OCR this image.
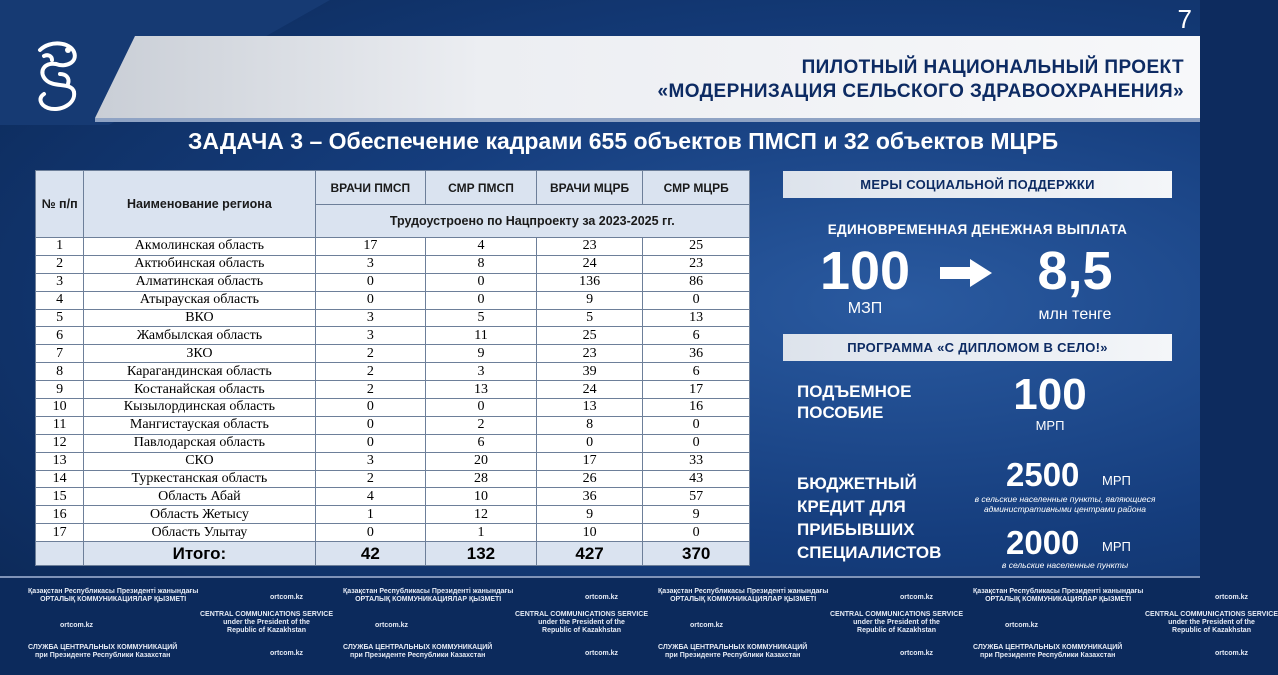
7
ПИЛОТНЫЙ НАЦИОНАЛЬНЫЙ ПРОЕКТ
«МОДЕРНИЗАЦИЯ СЕЛЬСКОГО ЗДРАВООХРАНЕНИЯ»
ЗАДАЧА 3 – Обеспечение кадрами 655 объектов ПМСП и 32 объектов МЦРБ
№ п/п	Наименование региона	ВРАЧИ ПМСП	СМР ПМСП	ВРАЧИ МЦРБ	СМР МЦРБ
		Трудоустроено по Нацпроекту за 2023-2025 гг.			
1	Акмолинская область	17	4	23	25
2	Актюбинская область	3	8	24	23
3	Алматинская область	0	0	136	86
4	Атырауская область	0	0	9	0
5	ВКО	3	5	5	13
6	Жамбылская область	3	11	25	6
7	ЗКО	2	9	23	36
8	Карагандинская область	2	3	39	6
9	Костанайская область	2	13	24	17
10	Кызылординская область	0	0	13	16
11	Мангистауская область	0	2	8	0
12	Павлодарская область	0	6	0	0
13	СКО	3	20	17	33
14	Туркестанская область	2	28	26	43
15	Область Абай	4	10	36	57
16	Область Жетысу	1	12	9	9
17	Область Улытау	0	1	10	0
	Итого:	42	132	427	370
МЕРЫ СОЦИАЛЬНОЙ ПОДДЕРЖКИ
ЕДИНОВРЕМЕННАЯ ДЕНЕЖНАЯ ВЫПЛАТА
100
МЗП
8,5
млн тенге
ПРОГРАММА «С ДИПЛОМОМ В СЕЛО!»
ПОДЪЕМНОЕ
ПОСОБИЕ	100
МРП
БЮДЖЕТНЫЙ
КРЕДИТ ДЛЯ
ПРИБЫВШИХ
СПЕЦИАЛИСТОВ
2500 МРП
в сельские населенные пункты, являющиеся
административными центрами района
2000 МРП
в сельские населенные пункты
Қазақстан Республикасы Президенті жанындағы
ОРТАЛЫҚ КОММУНИКАЦИЯЛАР ҚЫЗМЕТІ	ortcom.kz
ortcom.kz
CENTRAL COMMUNICATIONS SERVICE
under the President of the
Republic of Kazakhstan
СЛУЖБА ЦЕНТРАЛЬНЫХ КОММУНИКАЦИЙ
при Президенте Республики Казахстан	ortcom.kz
Қазақстан Республикасы Президенті жанындағы
ОРТАЛЫҚ КОММУНИКАЦИЯЛАР ҚЫЗМЕТІ	ortcom.kz
ortcom.kz
CENTRAL COMMUNICATIONS SERVICE
under the President of the
Republic of Kazakhstan
СЛУЖБА ЦЕНТРАЛЬНЫХ КОММУНИКАЦИЙ
при Президенте Республики Казахстан	ortcom.kz
Қазақстан Республикасы Президенті жанындағы
ОРТАЛЫҚ КОММУНИКАЦИЯЛАР ҚЫЗМЕТІ	ortcom.kz
ortcom.kz
CENTRAL COMMUNICATIONS SERVICE
under the President of the
Republic of Kazakhstan
СЛУЖБА ЦЕНТРАЛЬНЫХ КОММУНИКАЦИЙ
при Президенте Республики Казахстан	ortcom.kz
Қазақстан Республикасы Президенті жанындағы
ОРТАЛЫҚ КОММУНИКАЦИЯЛАР ҚЫЗМЕТІ	ortcom.kz
ortcom.kz
CENTRAL COMMUNICATIONS SERVICE
under the President of the
Republic of Kazakhstan
СЛУЖБА ЦЕНТРАЛЬНЫХ КОММУНИКАЦИЙ
при Президенте Республики Казахстан	ortcom.kz
